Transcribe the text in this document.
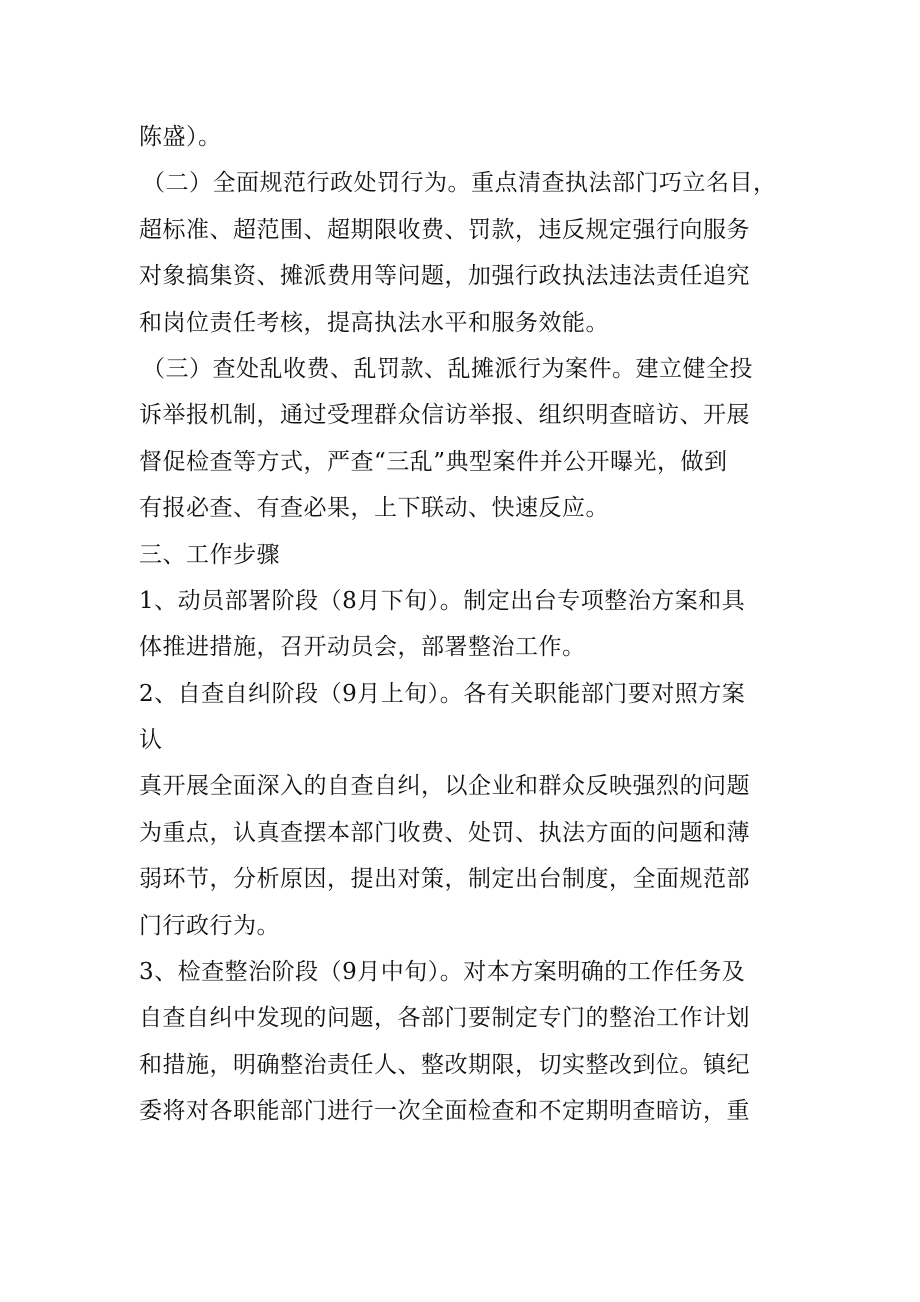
陈盛）。
（二）全面规范行政处罚行为。重点清查执法部门巧立名目，
超标准、超范围、超期限收费、罚款，违反规定强行向服务
对象搞集资、摊派费用等问题，加强行政执法违法责任追究
和岗位责任考核，提高执法水平和服务效能。
（三）查处乱收费、乱罚款、乱摊派行为案件。建立健全投
诉举报机制，通过受理群众信访举报、组织明查暗访、开展
督促检查等方式，严查“三乱”典型案件并公开曝光，做到
有报必查、有查必果，上下联动、快速反应。
三、工作步骤
1、动员部署阶段（8月下旬）。制定出台专项整治方案和具
体推进措施，召开动员会，部署整治工作。
2、自查自纠阶段（9月上旬）。各有关职能部门要对照方案
认
真开展全面深入的自查自纠，以企业和群众反映强烈的问题
为重点，认真查摆本部门收费、处罚、执法方面的问题和薄
弱环节，分析原因，提出对策，制定出台制度，全面规范部
门行政行为。
3、检查整治阶段（9月中旬）。对本方案明确的工作任务及
自查自纠中发现的问题，各部门要制定专门的整治工作计划
和措施，明确整治责任人、整改期限，切实整改到位。镇纪
委将对各职能部门进行一次全面检查和不定期明查暗访，重
